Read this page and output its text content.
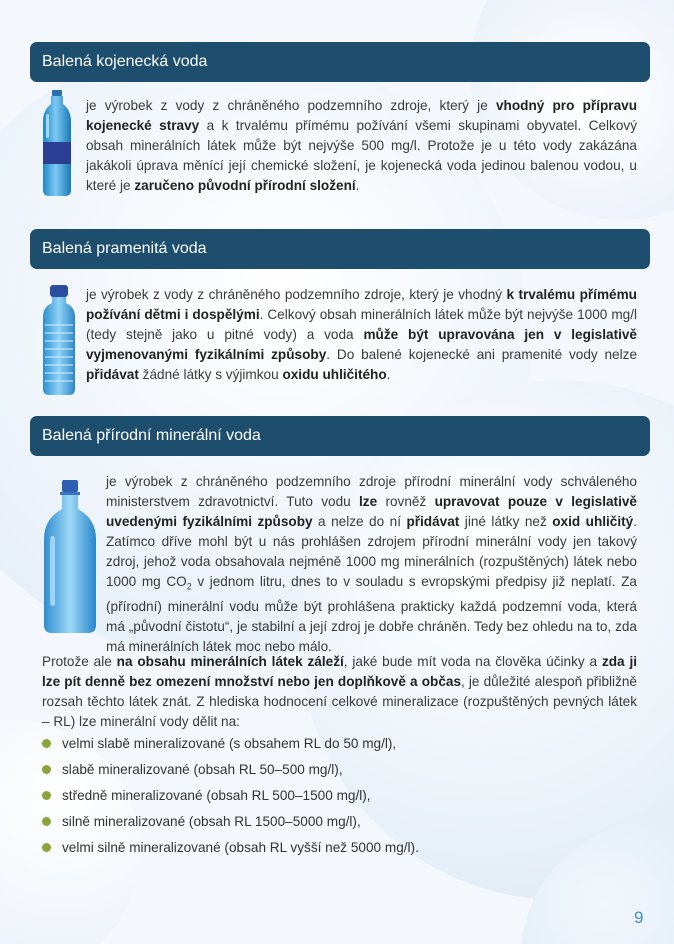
Balená kojenecká voda
je výrobek z vody z chráněného podzemního zdroje, který je vhodný pro přípravu kojenecké stravy a k trvalému přímému požívání všemi skupinami obyvatel. Celkový obsah minerálních látek může být nejvýše 500 mg/l. Protože je u této vody zakázána jakákoli úprava měnící její chemické složení, je kojenecká voda jedinou balenou vodou, u které je zaručeno původní přírodní složení.
Balená pramenitá voda
je výrobek z vody z chráněného podzemního zdroje, který je vhodný k trvalému přímému požívání dětmi i dospělými. Celkový obsah minerálních látek může být nejvýše 1000 mg/l (tedy stejně jako u pitné vody) a voda může být upravována jen v legislativě vyjmenovanými fyzikálními způsoby. Do balené kojenecké ani pramenité vody nelze přidávat žádné látky s výjimkou oxidu uhličitého.
Balená přírodní minerální voda
je výrobek z chráněného podzemního zdroje přírodní minerální vody schváleného ministerstvem zdravotnictví. Tuto vodu lze rovněž upravovat pouze v legislativě uvedenými fyzikálními způsoby a nelze do ní přidávat jiné látky než oxid uhličitý. Zatímco dříve mohl být u nás prohlášen zdrojem přírodní minerální vody jen takový zdroj, jehož voda obsahovala nejméně 1000 mg minerálních (rozpuštěných) látek nebo 1000 mg $CO_2$ v jednom litru, dnes to v souladu s evropskými předpisy již neplatí. Za (přírodní) minerální vodu může být prohlášena prakticky každá podzemní voda, která má „původní čistotu“, je stabilní a její zdroj je dobře chráněn. Tedy bez ohledu na to, zda má minerálních látek moc nebo málo.
Protože ale na obsahu minerálních látek záleží, jaké bude mít voda na člověka účinky a zda ji lze pít denně bez omezení množství nebo jen doplňkově a občas, je důležité alespoň přibližně rozsah těchto látek znát. Z hlediska hodnocení celkové mineralizace (rozpuštěných pevných látek – RL) lze minerální vody dělit na:
velmi slabě mineralizované (s obsahem RL do 50 mg/l),
slabě mineralizované (obsah RL 50–500 mg/l),
středně mineralizované (obsah RL 500–1500 mg/l),
silně mineralizované (obsah RL 1500–5000 mg/l),
velmi silně mineralizované (obsah RL vyšší než 5000 mg/l).
9
